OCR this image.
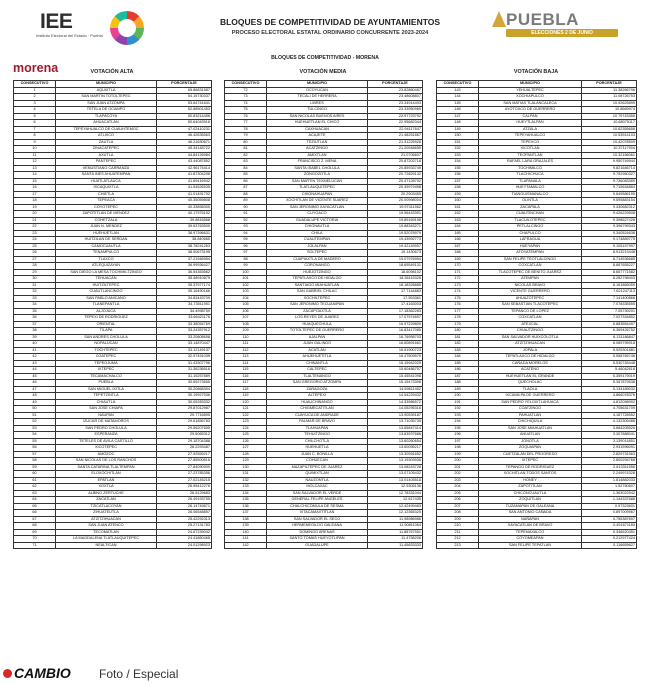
IEE
Instituto Electoral del Estado · Puebla
BLOQUES DE COMPETITIVIDAD DE AYUNTAMIENTOS
PROCESO ELECTORAL ESTATAL ORDINARIO CONCURRENTE 2023-2024
PUEBLA
ELECCIONES 2 DE JUNIO
BLOQUES DE COMPETITIVIDAD - MORENA
morena	VOTACIÓN ALTA
CONSECUTIVO	MUNICIPIO	PORCENTAJE
1	AQUIXTLA	65.86831587
2	SAN MARTIN TOTOLTEPEC	54.15730337
3	SAN JUAN ATZOMPA	53.64741641
4	TETELA DE OCAMPO	52.88501453
5	TLAPACOYA	50.83214456
6	AHUACATLAN	50.64043916
7	TEPEYAHUALCO DE CUAUHTEMOC	47.02410231
8	ATLIXCO	46.42635563
9	ZAUTLA	46.21630671
10	ZINACATEPEC	45.34145722
11	AXUTLA	44.84126984
12	PANTEPEC	43.44087852
13	VENUSTIANO CARRANZA	42.96174414
14	SANTA INES AHUATEMPAN	41.87304298
15	HUATLATLAUCA	41.69416942
16	IXCAQUIXTLA	41.54526535
17	CHIETLA	41.01491792
18	TEPEACA	40.35059808
19	COYOTEPEC	40.33898305
20	ZAPOTITLAN DE MENDEZ	40.17975152
21	COHETZALA	39.8816568
22	JUAN N. MENDEZ	39.63763509
23	HUEHUETLAN	38.97396631
24	HUITZILAN DE SERDAN	38.840665
25	CAMOCUAUTLA	38.78241263
26	TENAMPULCO	38.50673195
27	TLAXCO	37.21946954
28	ATLEQUIZAYAN	36.99936427
29	SAN DIEGO LA MESA TOCHIMILTZINGO	36.54353562
30	TEHUACAN	35.48910879
31	HUITZILTEPEC	35.37977174
32	CUAUTLANCINGO	35.16490166
33	SAN PABLO ANICANO	34.83443709
34	TLANEPANTLA	34.73511951
35	ALJOJUCA	34.4998759
36	TEPEXI DE RODRIGUEZ	33.66421176
37	ORIENTAL	33.38054769
38	TILAPA	33.24357912
39	SAN ANDRES CHOLULA	33.20808658
40	NOPALUCAN	33.14870447
41	TOCHTEPEC	33.12149137
42	COATEPEC	32.97491039
43	TEPEOJUMA	31.43307796
44	IXTEPEC	31.36236516
45	TECAMACHALCO	31.15257889
46	PUEBLA	30.69273655
47	SAN MIGUEL IXITLA	30.20868394
48	TEPETZINTLA	30.19927536
49	CHIAUTLA	30.05283332
50	SAN JOSE CHIAPA	29.87012987
51	NAUPAN	29.7716895
52	IZUCAR DE MATAMOROS	29.61856783
53	SAN PEDRO CHOLULA	29.56207655
54	ESPERANZA	29.5065312
55	TETELES DE AVILA CASTILLO	29.15704388
56	XICOTEPEC	28.2293487
57	AMOZOC	27.92559217
58	SAN NICOLAS DE LOS RANCHOS	27.85500616
59	SANTA CATARINA TLALTEMPAN	27.84090909
60	ELOXOCHITLAN	27.23785356
61	EPATLAN	27.02145215
62	XOXTLA	26.95412276
63	ALBINO ZERTUCHE	26.5129683
64	ZACATLAN	26.49193755
65	TZICATLACOYAN	26.14749871
66	ZIHUATEUTLA	26.06548857
67	ATZITZIHUACAN	25.42292313
68	SAN JUAN ATENCO	25.27131783
69	TECOMATLAN	24.67239042
70	LA MAGDALENA TLATLAUQUITEPEC	24.41860465
71	NEALTICAN	24.01298923
VOTACIÓN MEDIA
CONSECUTIVO	MUNICIPIO	PORCENTAJE
72	OCOYUCAN	23.82860467
73	TECALI DE HERRERA	23.48608807
74	LIBRES	23.34914493
75	TULCINGO	23.33950969
76	SAN NICOLAS BUENOS AIRES	22.97723792
77	HUEHUETLAN EL CHICO	22.95682344
78	CAXHUACAN	22.94117647
79	ACAJETE	21.48251867
80	TEZIUTLAN	21.31225926
81	ACATZINGO	21.20948655
82	AMIXTLAN	21.0706607
83	FRANCISCO Z. MENA	20.87202718
84	SANTA ISABEL CHOLULA	20.85933749
85	ZONGOZOTLA	20.72829132
86	SAN MARTIN TEXMELUCAN	20.47128792
87	TLATLAUQUITEPEC	20.39979498
88	CHIGNAHUAPAN	20.2903455
89	XOCHITLAN DE VICENTE SUAREZ	20.00998004
90	SAN JERONIMO XAYACATLAN	19.97411562
91	CUYOACO	19.96443391
92	GUADALUPE VICTORIA	19.89169198
93	CHIGNAUTLA	19.88343271
94	CHILA	19.52078979
95	CUAUTEMPAN	19.43992773
96	JOLALPAN	19.42149957
97	SOLTEPEC	19.1430673
98	CUAPIAXTLA DE MADERO	19.07976994
99	CORONANGO	18.69549131
100	HUEJOTZINGO	18.6098102
101	TEPATLAXCO DE HIDALGO	18.36115326
102	SANTIAGO MIAHUATLAN	18.18328885
103	SAN GABRIEL CHILAC	17.7144883
104	XOCHILTEPEC	17.593361
105	SAN JERONIMO TECUANIPAN	17.4163003
106	ZACAPOAXTLA	17.18362283
107	LOS REYES DE JUAREZ	17.07974697
108	HUAQUECHULA	16.97229809
109	TOTOLTEPEC DE GUERRERO	16.83417085
110	AJALPAN	16.76958703
111	JUAN GALINDO	16.60891661
112	ACATLAN	16.51900723
113	AHUEHUETITLA	16.47509579
114	CHINANTLA	16.15942029
115	CALTEPEC	15.60486757
116	TLALTENANGO	15.45541098
117	SAN GREGORIO ATZOMPA	15.19473396
118	ZARAGOZA	14.59611452
119	ALTEPEXI	14.54229432
120	HUAUCHINANGO	14.33986572
121	CHIGMECATITLAN	14.05295316
122	CUAYUCA DE ANDRADE	13.90539187
123	PALMAR DE BRAVO	13.71035735
124	TLAHUAPAN	13.65847414
125	TEHUITZINGO	13.63937686
126	CHILCHOTLA	13.60260654
127	HUEHUETLA	13.60095217
128	JUAN C. BONILLA	13.30931652
129	COHUECAN	13.19303936
130	MAZAPILTEPEC DE JUAREZ	13.08243728
131	QUIMIXTLAN	13.07105432
132	NAUZONTLA	13.01405518
133	MOLCAXAC	12.9305136
134	SAN SALVADOR EL VERDE	12.78331044
135	GENERAL FELIPE ANGELES	12.617435
136	CHALCHICOMULA DE SESMA	12.42499483
137	IXTACAMAXTITLAN	12.12365325
138	SAN SALVADOR EL SECO	11.98986986
139	HERMENEGILDO GALEANA	11.90811064
140	DOMINGO ARENAS	11.88767551
141	SANTO TOMAS HUEYOTLIPAN	11.4758206
142	GUADALUPE	11.45833333
VOTACIÓN BAJA
CONSECUTIVO	MUNICIPIO	PORCENTAJE
143	YEHUALTEPEC	11.38266796
144	XOCHIAPULCO	11.08726753
145	SAN MATIAS TLALANCALECA	10.92625899
146	AYOTOXCO DE GUERRERO	10.8669974
147	CALPAN	10.79743355
148	HUEYTLALPAN	10.68075117
149	ATZALA	10.62355658
150	TEPEYAHUALCO	10.53914103
151	TEPEXCO	10.42078509
152	XICOTLAN	10.37117904
153	TEOPANTLAN	10.32156061
154	RAFAEL LARA GRAJALES	9.950749944
155	TOCHIMILCO	9.821646714
156	TLACHICHUCA	9.752950327
157	TLAPANALA	9.736083389
158	HUEYTAMALCO	9.715634884
159	TIANGUISMANALCO	9.649586195
160	OLINTLA	9.595883154
161	ZACAPALA	9.430682312
162	CUAUTINCHAN	9.426229508
163	TLACUILOTEPEC	9.398627428
164	PETLALCINGO	9.396799343
165	CHAPULCO	9.340524638
166	LAFRAGUA	9.174889775
167	HUEYAPAN	9.105157997
168	ATOYATEMPAN	8.913213448
169	SAN FELIPE TEOTLALCINGO	8.714536685
170	COXCATLAN	8.687655227
171	TLACOTEPEC DE BENITO JUAREZ	8.657771582
172	ATEMPAN	8.282798403
173	NICOLAS BRAVO	8.161865059
174	VICENTE GUERRERO	7.621247113
175	AHUAZOTEPEC	7.141400866
176	SAN SEBASTIAN TLACOTEPEC	7.078335555
177	TEPANCO DE LOPEZ	7.05739201
178	COXCATLAN	7.027334852
179	ATEXCAL	6.883554497
180	CHIAUTZINGO	6.369426752
181	SAN SALVADOR HUIXCOLOTLA	6.131186847
182	ATZITZIHUACAN	6.089795918
183	JOPALA	5.925301881
184	TEPATLAXCO DE HIDALGO	5.558765746
185	CAÑADA MORELOS	5.530745448
186	ACATENO	5.46042618
187	HUEHUETLAN EL GRANDE	5.359179019
188	QUECHOLAC	5.357879538
189	TLAOLA	5.134189032
190	IXCAMILPA DE GUERRERO	4.866078376
191	SAN PEDRO YELOIXTLAHUACA	4.812098992
192	COATZINGO	4.705631709
193	PAHUATLAN	4.187728952
194	CHICHIQUILA	4.132305486
195	SAN JOSE MIAHUATLAN	3.684205526
196	AHUATLAN	3.307888041
197	JONOTLA	3.139014851
198	ZOQUIAPAN	2.931596091
199	CUETZALAN DEL PROGRESO	2.829731563
200	IXTEPEC	2.800294768
201	TEPANGO DE RODRIGUEZ	2.613311556
202	XOCHITLAN TODOS SANTOS	2.249974328
203	HONEY	1.814882033
204	ZAPOTITLAN	1.52780607
205	CHICONCUAUTLA	1.363022942
206	ZOQUITLAN	1.144337688
207	TUZAMAPAN DE GALEANA	0.97323601
208	SAN ANTONIO CAÑADA	0.897009967
209	NAÑAPAN	0.755387697
210	XAYACATLAN DE BRAVO	0.451671183
211	TEPEMAXALCO	0.346620451
212	COYOMEAPAN	0.212977424
213	SAN FELIPE TEPATLAN	0.116659627
CAMBIO Foto / Especial
